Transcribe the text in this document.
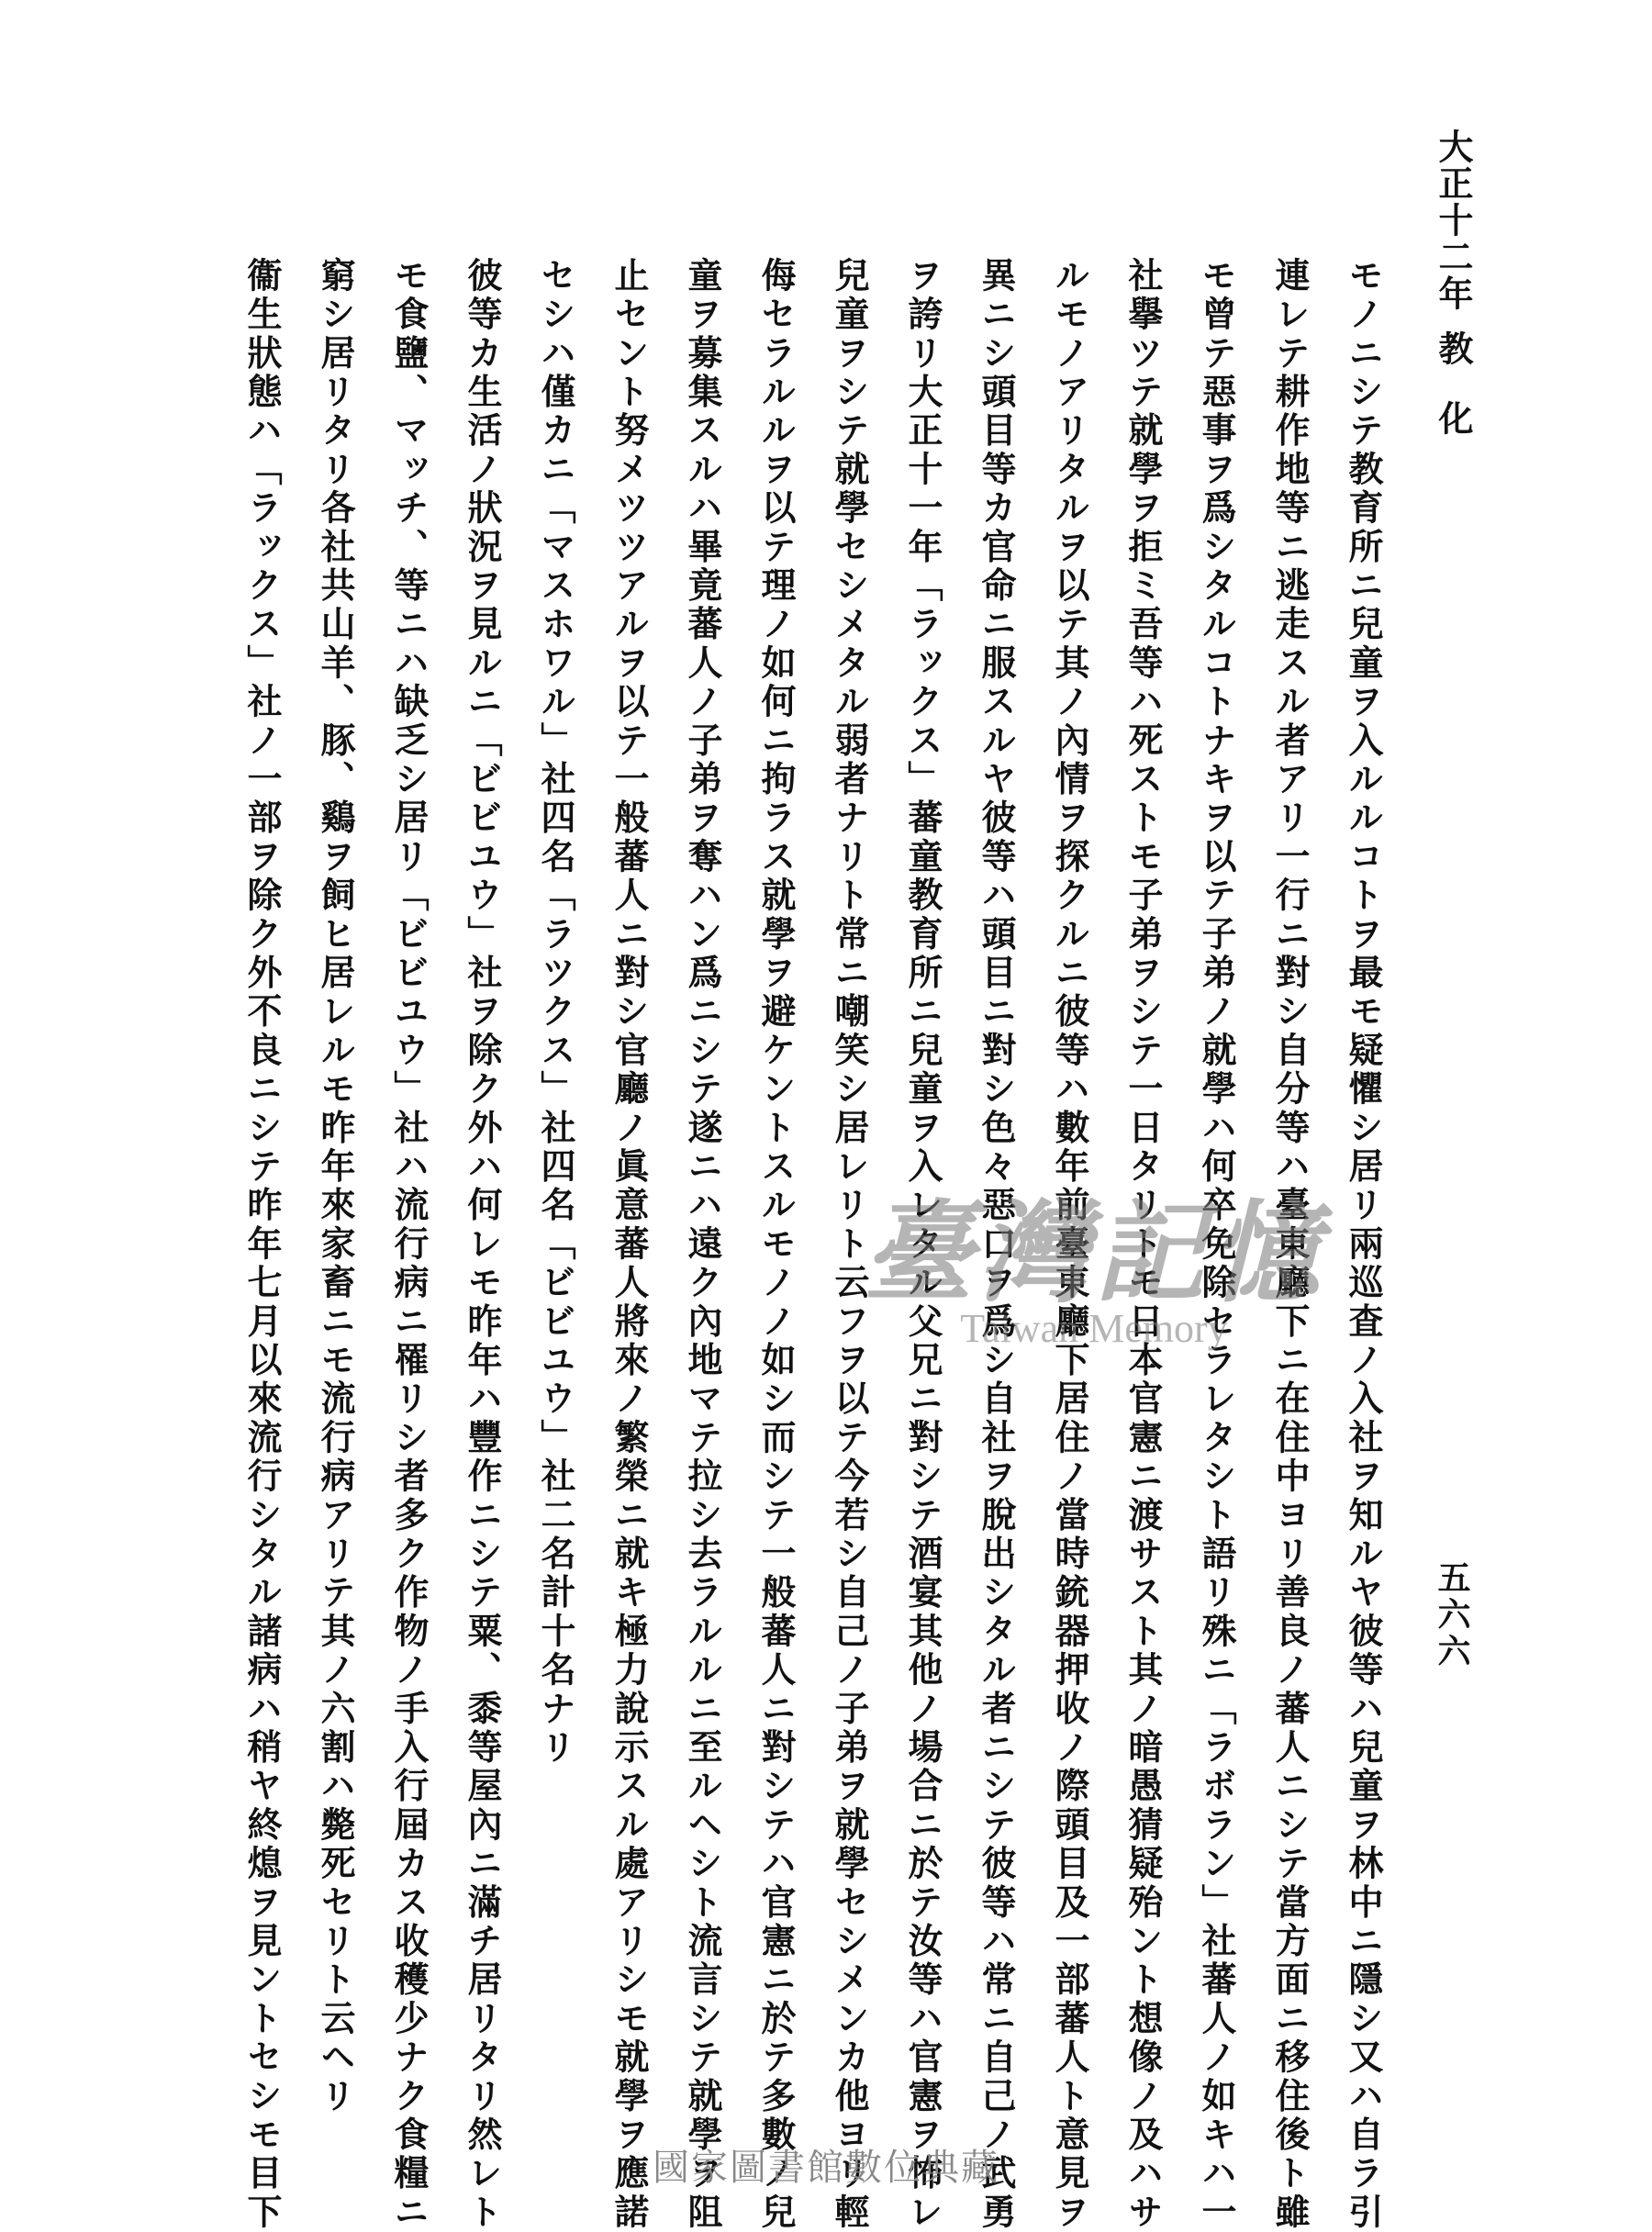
大正十二年
教　化
五六六
モノニシテ教育所ニ兒童ヲ入ルルコトヲ最モ疑懼シ居リ兩巡査ノ入社ヲ知ルヤ彼等ハ兒童ヲ林中ニ隱シ又ハ自ラ引
連レテ耕作地等ニ逃走スル者アリ一行ニ對シ自分等ハ臺東廳下ニ在住中ヨリ善良ノ蕃人ニシテ當方面ニ移住後ト雖
モ曾テ惡事ヲ爲シタルコトナキヲ以テ子弟ノ就學ハ何卒免除セラレタシト語リ殊ニ「ラボラン」社蕃人ノ如キハ一
社擧ツテ就學ヲ拒ミ吾等ハ死ストモ子弟ヲシテ一日タリトモ日本官憲ニ渡サスト其ノ暗愚猜疑殆ント想像ノ及ハサ
ルモノアリタルヲ以テ其ノ內情ヲ探クルニ彼等ハ數年前臺東廳下居住ノ當時銃器押收ノ際頭目及一部蕃人ト意見ヲ
異ニシ頭目等カ官命ニ服スルヤ彼等ハ頭目ニ對シ色々惡口ヲ爲シ自社ヲ脫出シタル者ニシテ彼等ハ常ニ自己ノ武勇
ヲ誇リ大正十一年「ラックス」蕃童教育所ニ兒童ヲ入レタル父兄ニ對シテ酒宴其他ノ場合ニ於テ汝等ハ官憲ヲ怖レ
兒童ヲシテ就學セシメタル弱者ナリト常ニ嘲笑シ居レリト云フヲ以テ今若シ自己ノ子弟ヲ就學セシメンカ他ヨリ輕
侮セラルルヲ以テ理ノ如何ニ拘ラス就學ヲ避ケントスルモノノ如シ而シテ一般蕃人ニ對シテハ官憲ニ於テ多數ノ兒
童ヲ募集スルハ畢竟蕃人ノ子弟ヲ奪ハン爲ニシテ遂ニハ遠ク內地マテ拉シ去ラルルニ至ルヘシト流言シテ就學ヲ阻
止セント努メツツアルヲ以テ一般蕃人ニ對シ官廳ノ眞意蕃人將來ノ繁榮ニ就キ極力說示スル處アリシモ就學ヲ應諾
セシハ僅カニ「マスホワル」社四名「ラツクス」社四名「ビビユウ」社二名計十名ナリ
彼等カ生活ノ狀況ヲ見ルニ「ビビユウ」社ヲ除ク外ハ何レモ昨年ハ豐作ニシテ粟、黍等屋內ニ滿チ居リタリ然レト
モ食鹽、マッチ、等ニハ缺乏シ居リ「ビビユウ」社ハ流行病ニ罹リシ者多ク作物ノ手入行屆カス收穫少ナク食糧ニ
窮シ居リタリ各社共山羊、豚、鷄ヲ飼ヒ居レルモ昨年來家畜ニモ流行病アリテ其ノ六割ハ斃死セリト云ヘリ
衞生狀態ハ「ラックス」社ノ一部ヲ除ク外不良ニシテ昨年七月以來流行シタル諸病ハ稍ヤ終熄ヲ見ントセシモ目下	臺灣記憶
Taiwan Memory
國家圖書館數位典藏
